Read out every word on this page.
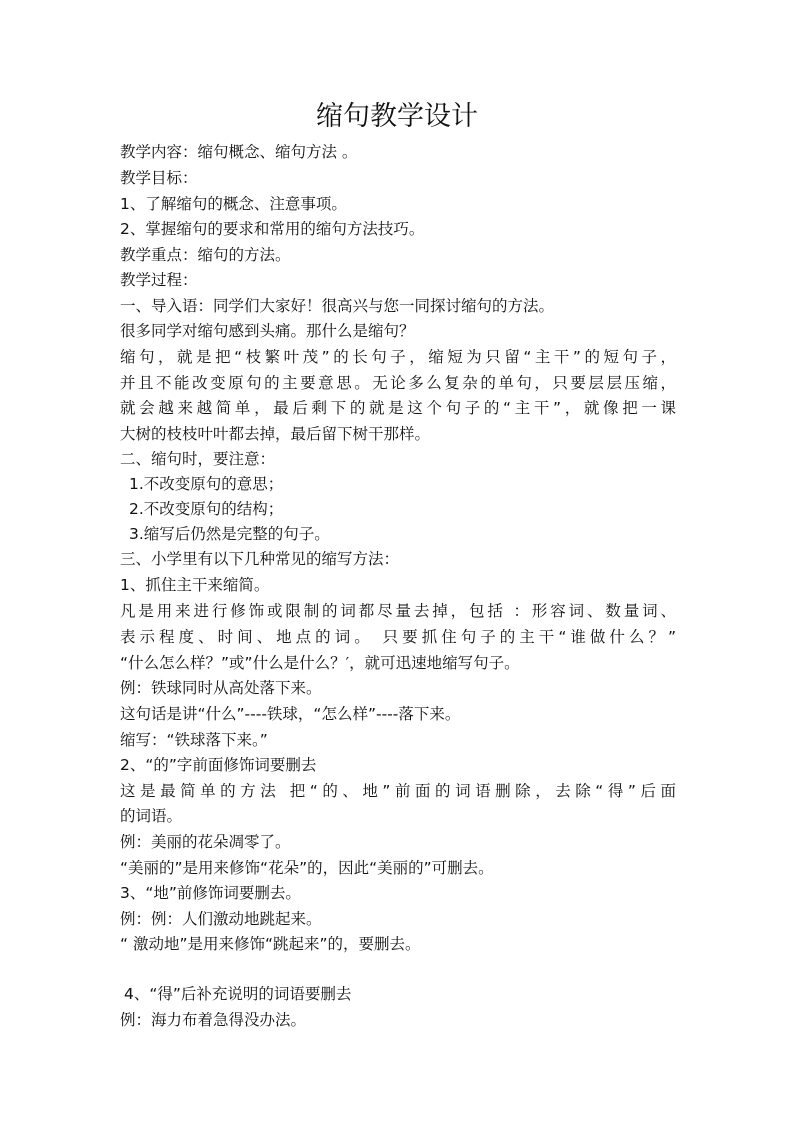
缩句教学设计
教学内容：缩句概念、缩句方法 。
教学目标：
1、了解缩句的概念、注意事项。
2、掌握缩句的要求和常用的缩句方法技巧。
教学重点：缩句的方法。
教学过程：
一、导入语：同学们大家好！很高兴与您一同探讨缩句的方法。
很多同学对缩句感到头痛。那什么是缩句？
缩句，就是把“枝繁叶茂”的长句子，缩短为只留“主干”的短句子，
并且不能改变原句的主要意思。无论多么复杂的单句，只要层层压缩，
就会越来越简单，最后剩下的就是这个句子的“主干”，就像把一课
大树的枝枝叶叶都去掉，最后留下树干那样。
二、缩句时，要注意：
1.不改变原句的意思；
2.不改变原句的结构；
3.缩写后仍然是完整的句子。
三、小学里有以下几种常见的缩写方法：
1、抓住主干来缩简。
凡是用来进行修饰或限制的词都尽量去掉，包括 ：形容词、数量词、
表示程度、时间、地点的词。 只要抓住句子的主干“谁做什么？”
“什么怎么样？”或”什么是什么？′，就可迅速地缩写句子。
例：铁球同时从高处落下来。
这句话是讲“什么”----铁球，“怎么样”----落下来。
缩写：“铁球落下来。”
2、“的”字前面修饰词要删去
这是最简单的方法 把“的、地”前面的词语删除，去除“得”后面
的词语。
例：美丽的花朵凋零了。
“美丽的”是用来修饰“花朵”的，因此“美丽的”可删去。
3、“地”前修饰词要删去。
例：例：人们激动地跳起来。
“ 激动地”是用来修饰“跳起来”的，要删去。
4、“得”后补充说明的词语要删去
例：海力布着急得没办法。
